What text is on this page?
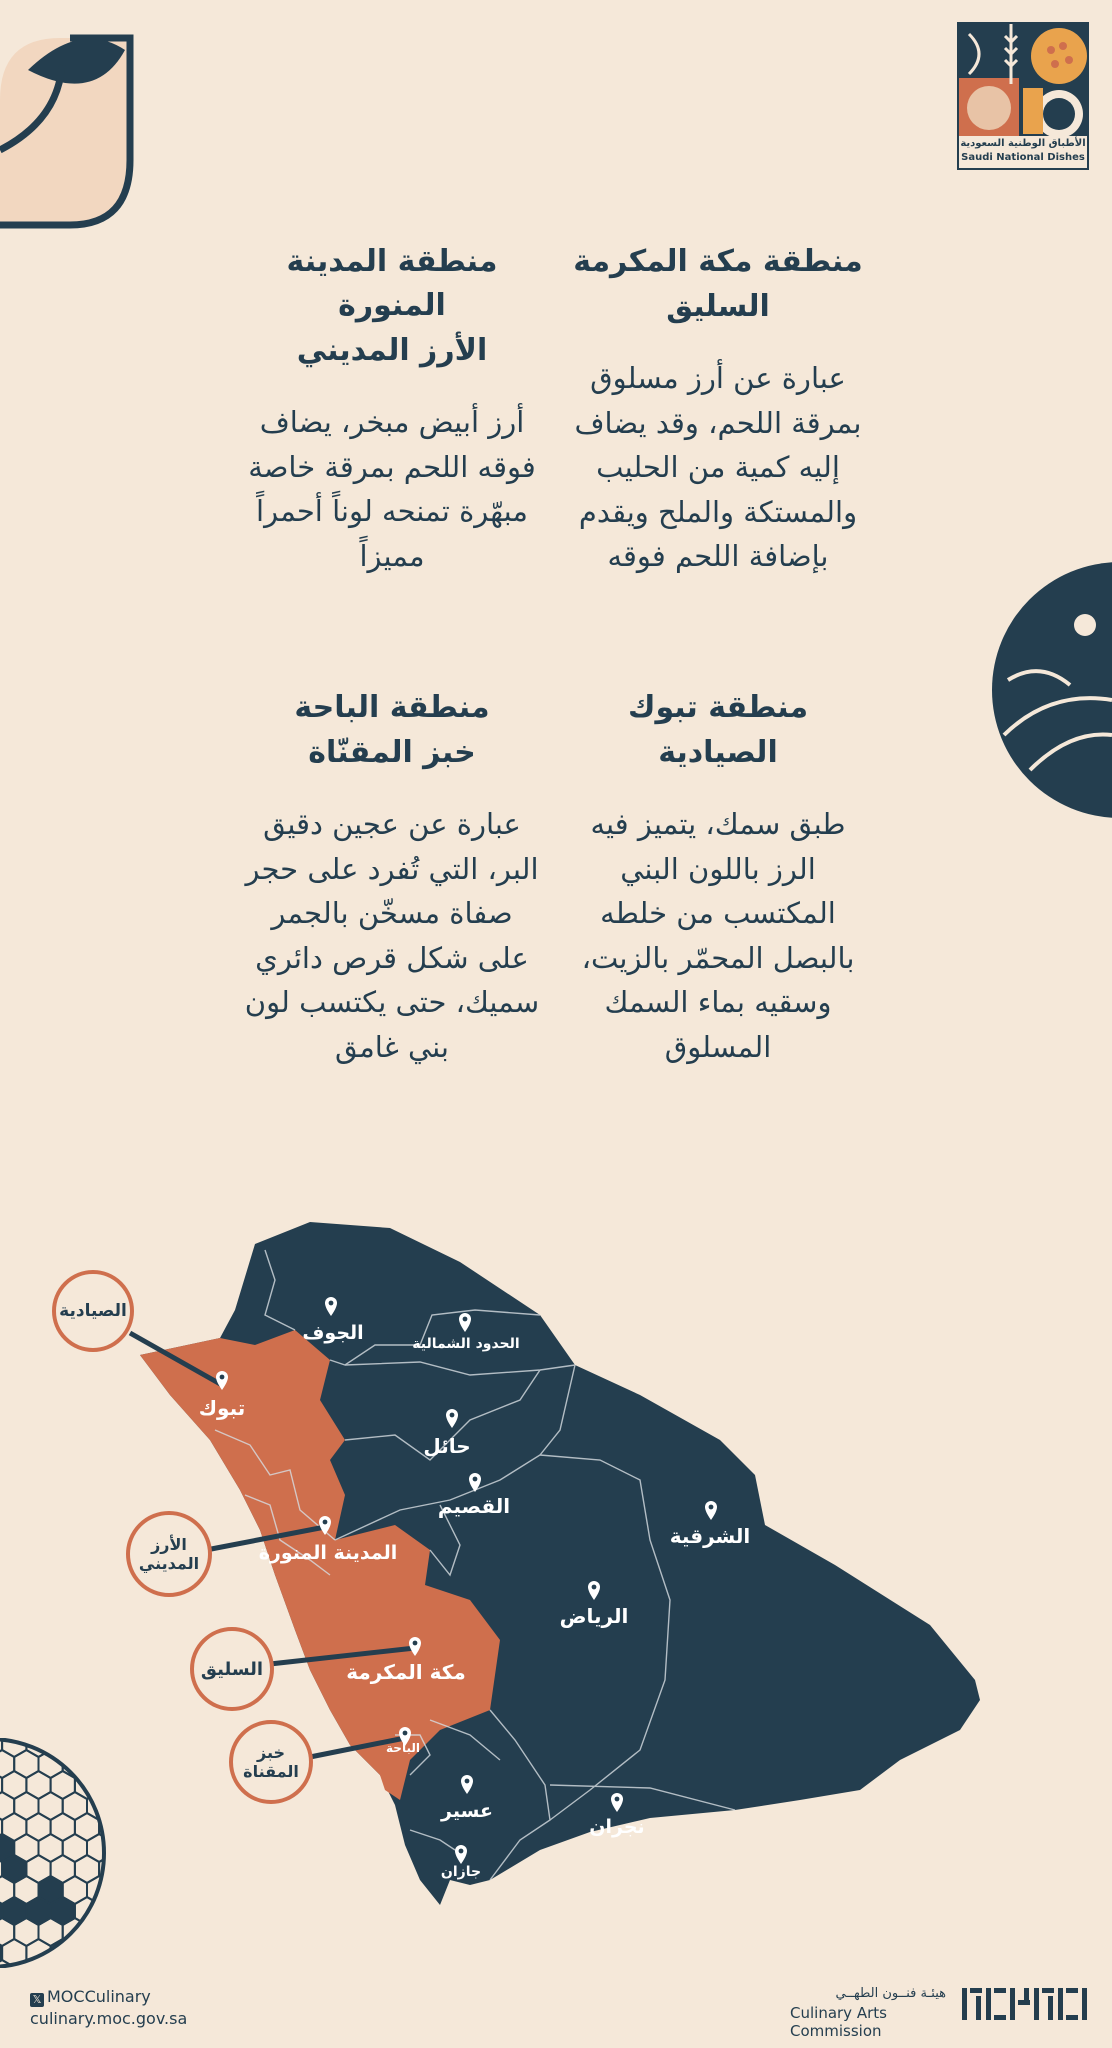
الأطباق الوطنية السعودية
Saudi National Dishes
منطقة مكة المكرمة
السليق

عبارة عن أرز مسلوق بمرقة اللحم، وقد يضاف إليه كمية من الحليب والمستكة والملح ويقدم بإضافة اللحم فوقه

منطقة المدينة المنورة
الأرز المديني

أرز أبيض مبخر، يضاف فوقه اللحم بمرقة خاصة مبهّرة تمنحه لوناً أحمراً مميزاً

منطقة تبوك
الصيادية

طبق سمك، يتميز فيه الرز باللون البني المكتسب من خلطه بالبصل المحمّر بالزيت، وسقيه بماء السمك المسلوق

منطقة الباحة
خبز المقنّاة

عبارة عن عجين دقيق البر، التي تُفرد على حجر صفاة مسخّن بالجمر على شكل قرص دائري سميك، حتى يكتسب لون بني غامق

الصيادية
الأرز
المديني
السليق
خبز
المقناة
الجوف	الحدود الشمالية
تبوك
حائل
القصيم
الشرقية
المدينة المنورة
الرياض
مكة المكرمة
الباحة
عسير
نجران
جازان
𝕏 MOCCulinary
culinary.moc.gov.sa
هيئـة فنــون الطهــي
Culinary Arts Commission
